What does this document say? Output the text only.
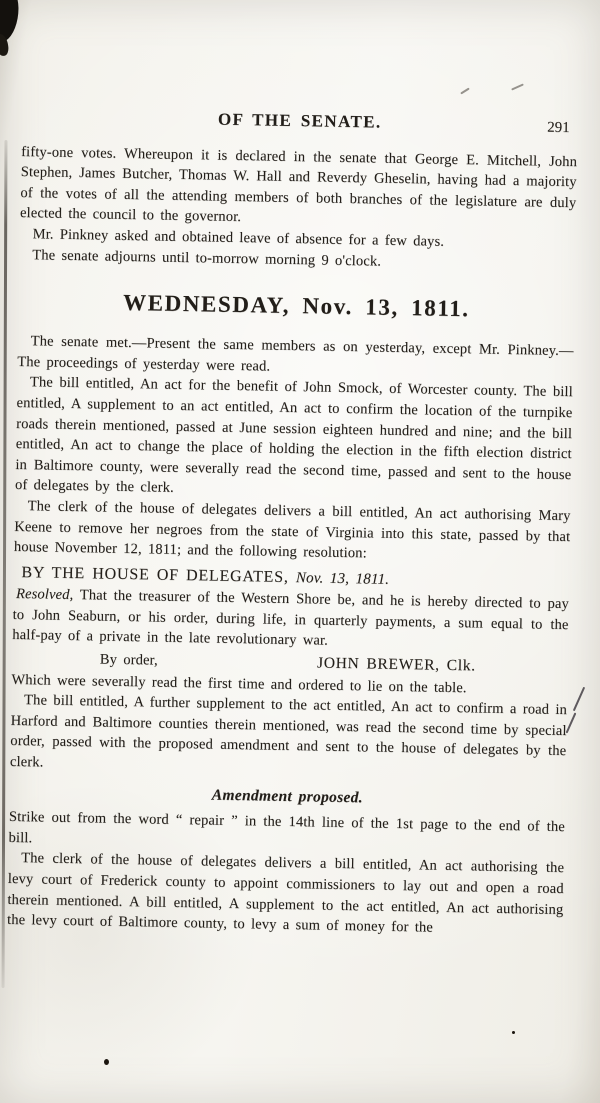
OF THE SENATE.	291

fifty-one votes. Whereupon it is declared in the senate that George E. Mitchell, John Stephen, James Butcher, Thomas W. Hall and Reverdy Gheselin, having had a majority of the votes of all the attending members of both branches of the legislature are duly elected the council to the governor.

Mr. Pinkney asked and obtained leave of absence for a few days.

The senate adjourns until to-morrow morning 9 o'clock.

WEDNESDAY, Nov. 13, 1811.

The senate met.—Present the same members as on yesterday, except Mr. Pinkney.—The proceedings of yesterday were read.

The bill entitled, An act for the benefit of John Smock, of Worcester county. The bill entitled, A supplement to an act entitled, An act to confirm the location of the turnpike roads therein mentioned, passed at June session eighteen hundred and nine; and the bill entitled, An act to change the place of holding the election in the fifth election district in Baltimore county, were severally read the second time, passed and sent to the house of delegates by the clerk.

The clerk of the house of delegates delivers a bill entitled, An act authorising Mary Keene to remove her negroes from the state of Virginia into this state, passed by that house November 12, 1811; and the following resolution:

BY THE HOUSE OF DELEGATES, Nov. 13, 1811.

Resolved, That the treasurer of the Western Shore be, and he is hereby directed to pay to John Seaburn, or his order, during life, in quarterly payments, a sum equal to the half-pay of a private in the late revolutionary war.

By order,	JOHN BREWER, Clk.

Which were severally read the first time and ordered to lie on the table.

The bill entitled, A further supplement to the act entitled, An act to confirm a road in Harford and Baltimore counties therein mentioned, was read the second time by special order, passed with the proposed amendment and sent to the house of delegates by the clerk.

Amendment proposed.

Strike out from the word “ repair ” in the 14th line of the 1st page to the end of the bill.

The clerk of the house of delegates delivers a bill entitled, An act authorising the levy court of Frederick county to appoint commissioners to lay out and open a road therein mentioned. A bill entitled, A supplement to the act entitled, An act authorising the levy court of Baltimore county, to levy a sum of money for the
